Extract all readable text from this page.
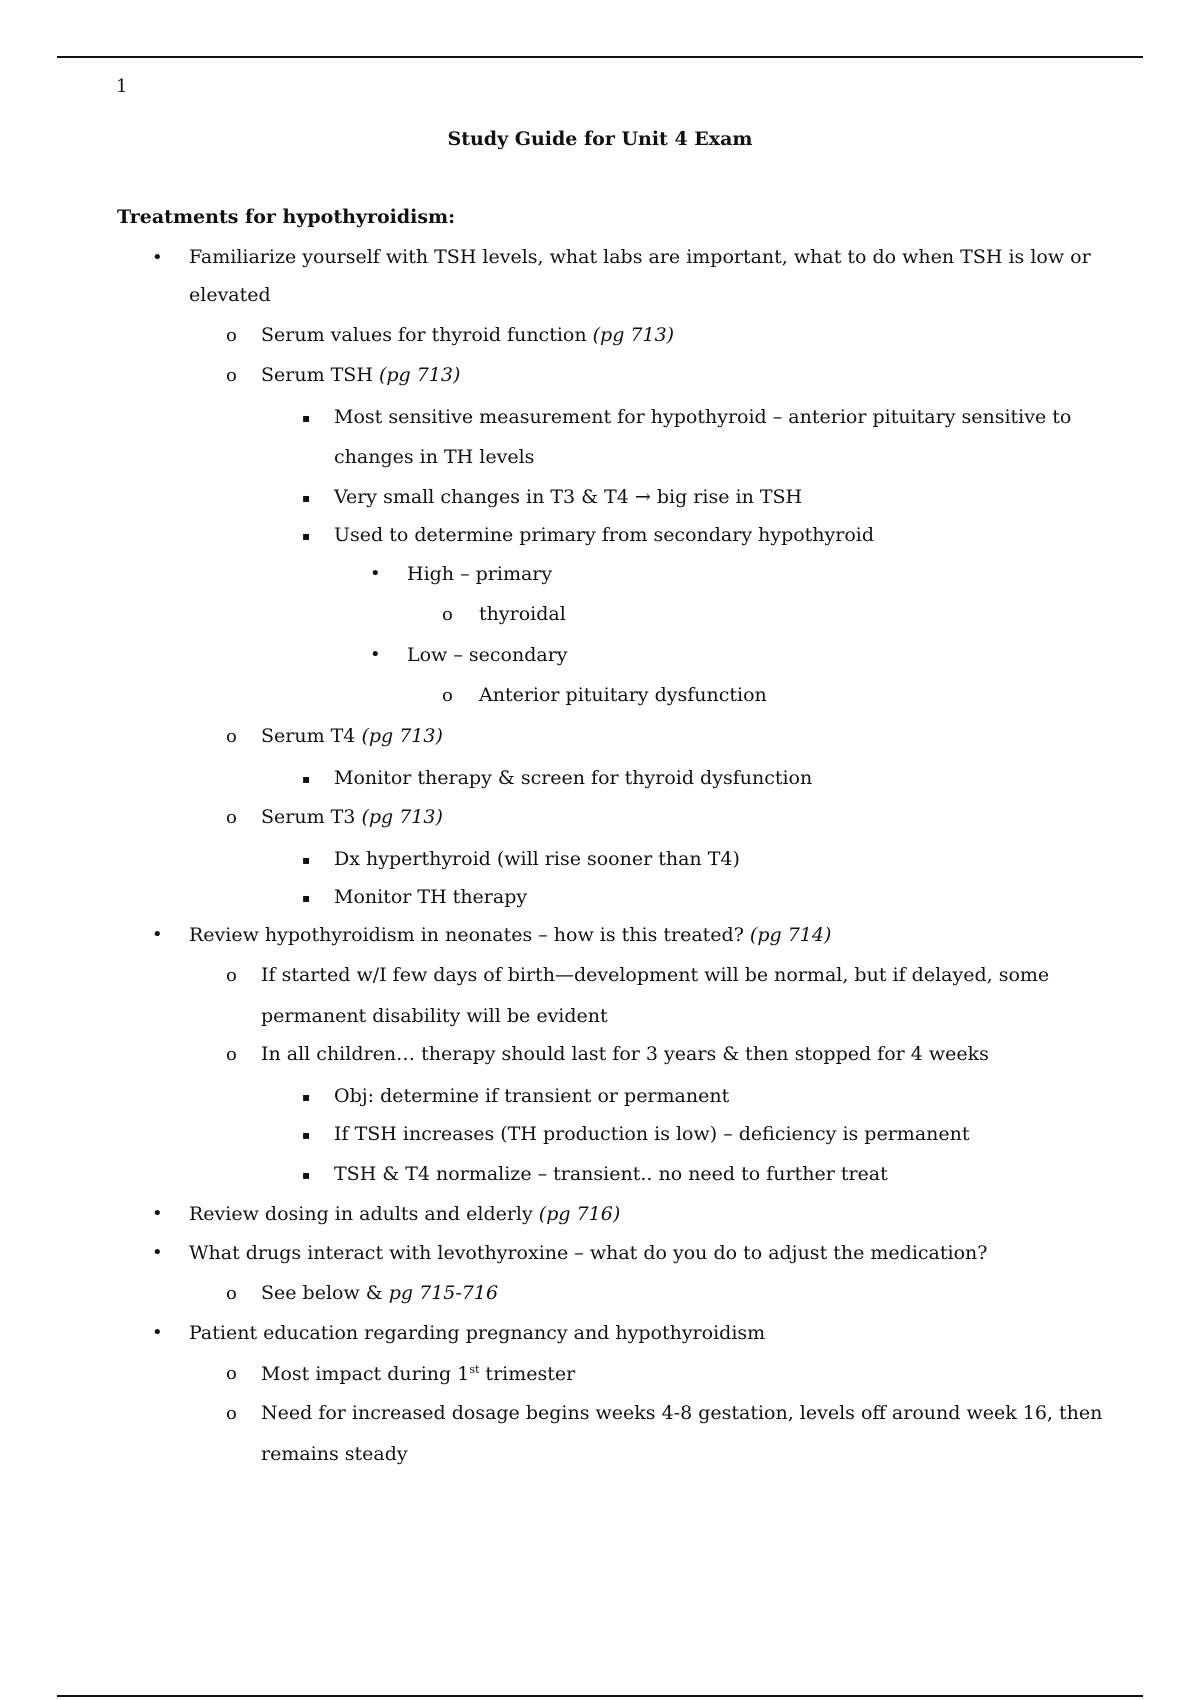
1
Study Guide for Unit 4 Exam
Treatments for hypothyroidism:
• Familiarize yourself with TSH levels, what labs are important, what to do when TSH is low or
elevated
o Serum values for thyroid function (pg 713)
o Serum TSH (pg 713)
▪ Most sensitive measurement for hypothyroid – anterior pituitary sensitive to
changes in TH levels
▪ Very small changes in T3 & T4 → big rise in TSH
▪ Used to determine primary from secondary hypothyroid
• High – primary
o thyroidal
• Low – secondary
o Anterior pituitary dysfunction
o Serum T4 (pg 713)
▪ Monitor therapy & screen for thyroid dysfunction
o Serum T3 (pg 713)
▪ Dx hyperthyroid (will rise sooner than T4)
▪ Monitor TH therapy
• Review hypothyroidism in neonates – how is this treated? (pg 714)
o If started w/I few days of birth—development will be normal, but if delayed, some
permanent disability will be evident
o In all children… therapy should last for 3 years & then stopped for 4 weeks
▪ Obj: determine if transient or permanent
▪ If TSH increases (TH production is low) – deficiency is permanent
▪ TSH & T4 normalize – transient.. no need to further treat
• Review dosing in adults and elderly (pg 716)
• What drugs interact with levothyroxine – what do you do to adjust the medication?
o See below & pg 715-716
• Patient education regarding pregnancy and hypothyroidism
o Most impact during 1st trimester
o Need for increased dosage begins weeks 4-8 gestation, levels off around week 16, then
remains steady
